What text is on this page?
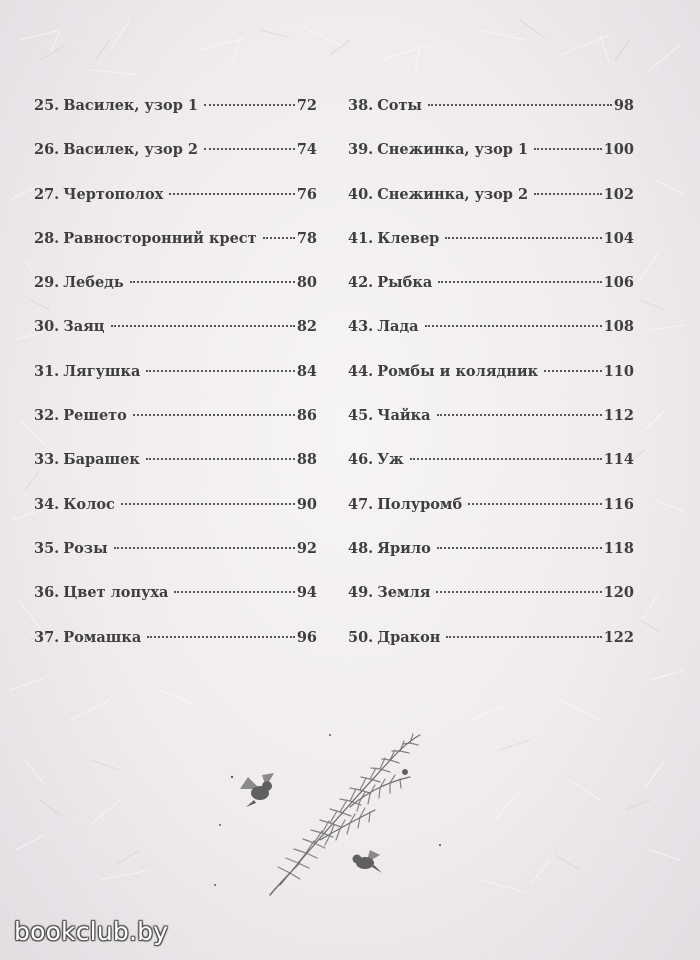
25. Василек, узор 1	72
26. Василек, узор 2	74
27. Чертополох	76
28. Равносторонний крест	78
29. Лебедь	80
30. Заяц	82
31. Лягушка	84
32. Решето	86
33. Барашек	88
34. Колос	90
35. Розы	92
36. Цвет лопуха	94
37. Ромашка	96
38. Соты	98
39. Снежинка, узор 1	100
40. Снежинка, узор 2	102
41. Клевер	104
42. Рыбка	106
43. Лада	108
44. Ромбы и колядник	110
45. Чайка	112
46. Уж	114
47. Полуромб	116
48. Ярило	118
49. Земля	120
50. Дракон	122
bookclub.by
